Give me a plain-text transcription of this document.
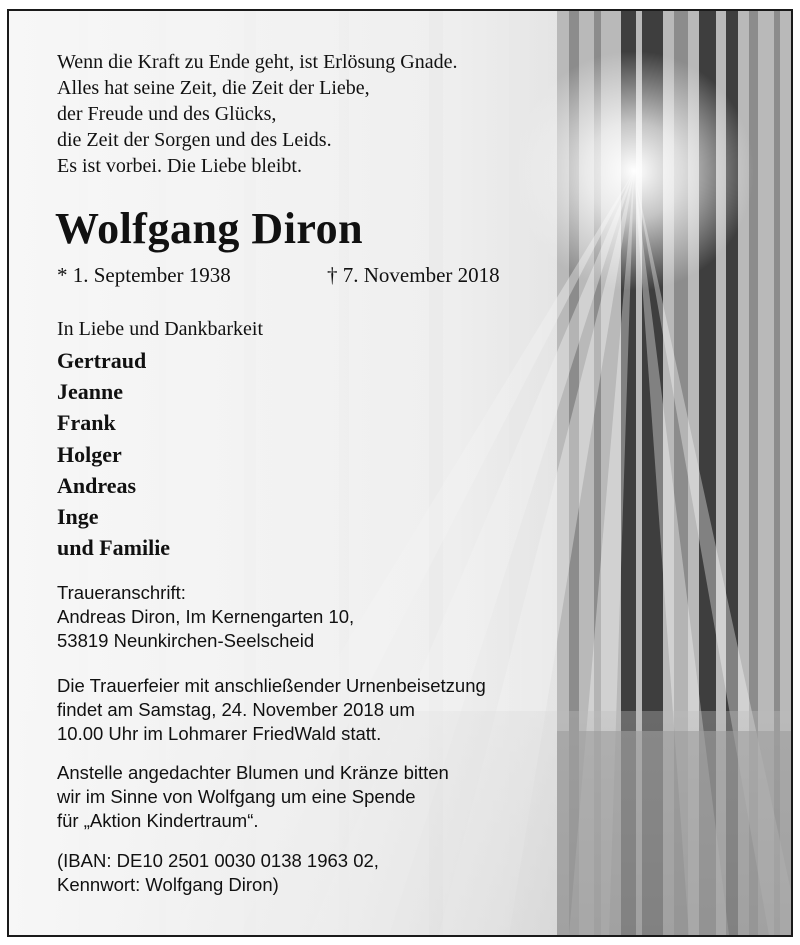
Wenn die Kraft zu Ende geht, ist Erlösung Gnade.
Alles hat seine Zeit, die Zeit der Liebe,
der Freude und des Glücks,
die Zeit der Sorgen und des Leids.
Es ist vorbei. Die Liebe bleibt.
Wolfgang Diron
* 1. September 1938	† 7. November 2018
In Liebe und Dankbarkeit
Gertraud
Jeanne
Frank
Holger
Andreas
Inge
und Familie
Traueranschrift:
Andreas Diron, Im Kernengarten 10,
53819 Neunkirchen-Seelscheid
Die Trauerfeier mit anschließender Urnenbeisetzung
findet am Samstag, 24. November 2018 um
10.00 Uhr im Lohmarer FriedWald statt.
Anstelle angedachter Blumen und Kränze bitten
wir im Sinne von Wolfgang um eine Spende
für „Aktion Kindertraum“.
(IBAN: DE10 2501 0030 0138 1963 02,
Kennwort: Wolfgang Diron)
